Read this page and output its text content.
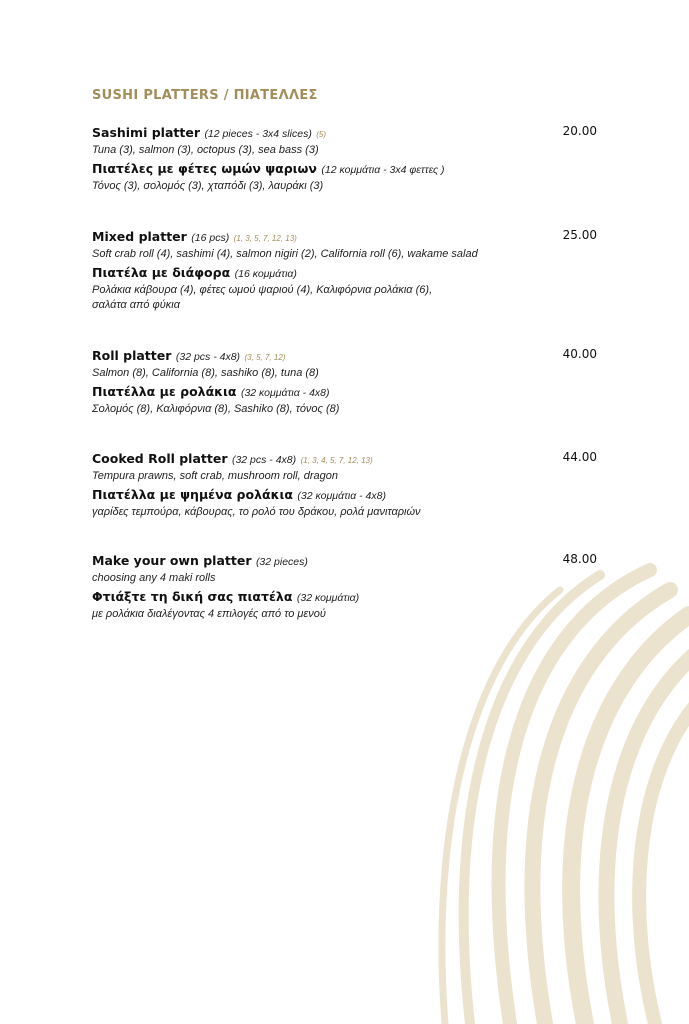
SUSHI PLATTERS / ΠΙΑΤΕΛΛΕΣ
20.00
Sashimi platter (12 pieces - 3x4 slices) (5)
Tuna (3), salmon (3), octopus (3), sea bass (3)
Πιατέλες με φέτες ωμών ψαριων (12 κομμάτια - 3x4 φεττες )
Τόνος (3), σολομός (3), χταπόδι (3), λαυράκι (3)
25.00
Mixed platter (16 pcs) (1, 3, 5, 7, 12, 13)
Soft crab roll (4), sashimi (4), salmon nigiri (2), California roll (6), wakame salad
Πιατέλα με διάφορα (16 κομμάτια)
Ρολάκια κάβουρα (4), φέτες ωμού ψαριού (4), Καλιφόρνια ρολάκια (6),
σαλάτα από φύκια
40.00
Roll platter (32 pcs - 4x8) (3, 5, 7, 12)
Salmon (8), California (8), sashiko (8), tuna (8)
Πιατέλλα με ρολάκια (32 κομμάτια - 4x8)
Σολομός (8), Καλιφόρνια (8), Sashiko (8), τόνος (8)
44.00
Cooked Roll platter (32 pcs - 4x8) (1, 3, 4, 5, 7, 12, 13)
Tempura prawns, soft crab, mushroom roll, dragon
Πιατέλλα με ψημένα ρολάκια (32 κομμάτια - 4x8)
γαρίδες τεμπούρα, κάβουρας, το ρολό του δράκου, ρολά μανιταριών
48.00
Make your own platter (32 pieces)
choosing any 4 maki rolls
Φτιάξτε τη δική σας πιατέλα (32 κομμάτια)
με ρολάκια διαλέγοντας 4 επιλογές από το μενού
